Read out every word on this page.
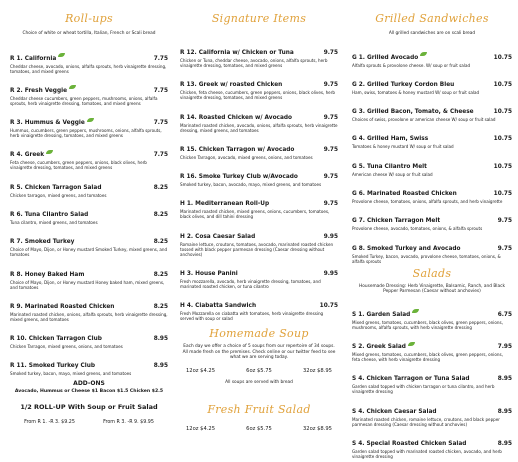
Roll-ups
Choice of white or wheat tortilla, Italian, French or Scali bread
R 1. California	7.75
Cheddar cheese, avocado, onions, alfalfa sprouts, herb vinaigrette dressing, tomatoes, and mixed greens
R 2. Fresh Veggie	7.75
Cheddar cheese cucumbers, green peppers, mushrooms, onions, alfalfa sprouts, herb vinaigrette dressing, tomatoes, and mixed greens
R 3. Hummus & Veggie	7.75
Hummus, cucumbers, green peppers, mushrooms, onions, alfalfa sprouts, herb vinaigrette dressing, tomatoes, and mixed greens
R 4. Greek	7.75
Feta cheese, cucumbers, green peppers, onions, black olives, herb vinaigrette dressing, tomatoes, and mixed greens
R 5. Chicken Tarragon Salad	8.25
Chicken tarragon, mixed greens, and tomatoes
R 6. Tuna Cilantro Salad	8.25
Tuna cilantro, mixed greens, and tomatoes
R 7. Smoked Turkey	8.25
Choice of Mayo, Dijon, or Honey mustard Smoked Turkey, mixed greens, and tomatoes
R 8. Honey Baked Ham	8.25
Choice of Mayo, Dijon, or Honey mustard Honey baked ham, mixed greens, and tomatoes
R 9. Marinated Roasted Chicken	8.25
Marinated roasted chicken, onions, alfalfa sprouts, herb vinaigrette dressing, mixed greens, and tomatoes
R 10. Chicken Tarragon Club	8.95
Chicken Tarragon, mixed greens, onions, and tomatoes
R 11. Smoked Turkey Club	8.95
Smoked turkey, bacon, mayo, mixed greens, and tomatoes
ADD-ONS
Avocado, Hummus or Cheese $1 Bacon $1.5 Chicken $2.5
1/2 ROLL-UP With Soup or Fruit Salad
From R 1. -R 3. $9.25	From R 3. -R 9. $9.95
Signature Items
R 12. California w/ Chicken or Tuna	9.75
Chicken or Tuna, cheddar cheese, avocado, onions, alfalfa sprouts, herb vinaigrette dressing, tomatoes, and mixed greens
R 13. Greek w/ roasted Chicken	9.75
Chicken, feta cheese, cucumbers, green peppers, onions, black olives, herb vinaigrette dressing, tomatoes, and mixed greens
R 14. Roasted Chicken w/ Avocado	9.75
Marinated roasted chicken, avocado, onions, alfalfa sprouts, herb vinaigrette dressing, mixed greens, and tomatoes
R 15. Chicken Tarragon w/ Avocado	9.75
Chicken Tarragon, avocado, mixed greens, onions, and tomatoes
R 16. Smoke Turkey Club w/Avocado	9.75
Smoked turkey, bacon, avocado, mayo, mixed greens, and tomatoes
H 1. Mediterranean Roll-Up	9.75
Marinated roasted chicken, mixed greens, onions, cucumbers, tomatoes, black olives, and dill tahini dressing
H 2. Cosa Caesar Salad	9.95
Romaine lettuce, croutons, tomatoes, avocado, marinated roasted chicken tossed with black pepper parmesan dressing (Caesar dressing without anchovies)
H 3. House Panini	9.95
Fresh mozzarella, avocado, herb vinaigrette dressing, tomatoes, and marinated roasted chicken, or tuna cilantro
H 4. Ciabatta Sandwich	10.75
Fresh Mozzarella on ciabatta with tomatoes, herb vinaigrette dressing served with soup or salad
Homemade Soup
Each day we offer a choice of 5 soups from our repertoire of 34 soups. All made fresh on the premises. Check online or our twitter feed to see what we are serving today.
12oz $4.25	6oz $5.75	32oz $8.95
All soups are served with bread
Fresh Fruit Salad
12oz $4.25	6oz $5.75	32oz $8.95
Grilled Sandwiches
All grilled sandwiches are on scali bread
G 1. Grilled Avocado	10.75
Alfalfa sprouts & provolone cheese. W/ soup or fruit salad
G 2. Grilled Turkey Cordon Bleu	10.75
Ham, swiss, tomatoes & honey mustard W/ soup or fruit salad
G 3. Grilled Bacon, Tomato, & Cheese	10.75
Choices of swiss, provolone or american cheese W/ soup or fruit salad
G 4. Grilled Ham, Swiss	10.75
Tomatoes & honey mustard W/ soup or fruit salad
G 5. Tuna Cilantro Melt	10.75
American cheese W/ soup or fruit salad
G 6. Marinated Roasted Chicken	10.75
Provolone cheese, tomatoes, onions, alfalfa sprouts, and herb vinaigrette
G 7. Chicken Tarragon Melt	9.75
Provolone cheese, avocado, tomatoes, onions, & alfalfa sprouts
G 8. Smoked Turkey and Avocado	9.75
Smoked Turkey, bacon, avocado, provolone cheese, tomatoes, onions, & alfalfa sprouts
Salads
Housemade Dressing: Herb Vinaigrette, Balsamic, Ranch, and Black Pepper Parmesan (Caesar without anchovies)
S 1. Garden Salad	6.75
Mixed greens, tomatoes, cucumbers, black olives, green peppers, onions, mushrooms, alfalfa sprouts, with herb vinaigrette dressing
S 2. Greek Salad	7.95
Mixed greens, tomatoes, cucumbers, black olives, green peppers, onions, feta cheese, with herb vinaigrette dressing
S 4. Chicken Tarragon or Tuna Salad	8.95
Garden salad topped with chicken tarragon or tuna cilantro, and herb vinaigrette dressing
S 4. Chicken Caesar Salad	8.95
Marinated roasted chicken, romaine lettuce, croutons, and black pepper parmesan dressing (Caesar dressing without anchovies)
S 4. Special Roasted Chicken Salad	8.95
Garden salad topped with marinated roasted chicken, avocado, and herb vinaigrette dressing
